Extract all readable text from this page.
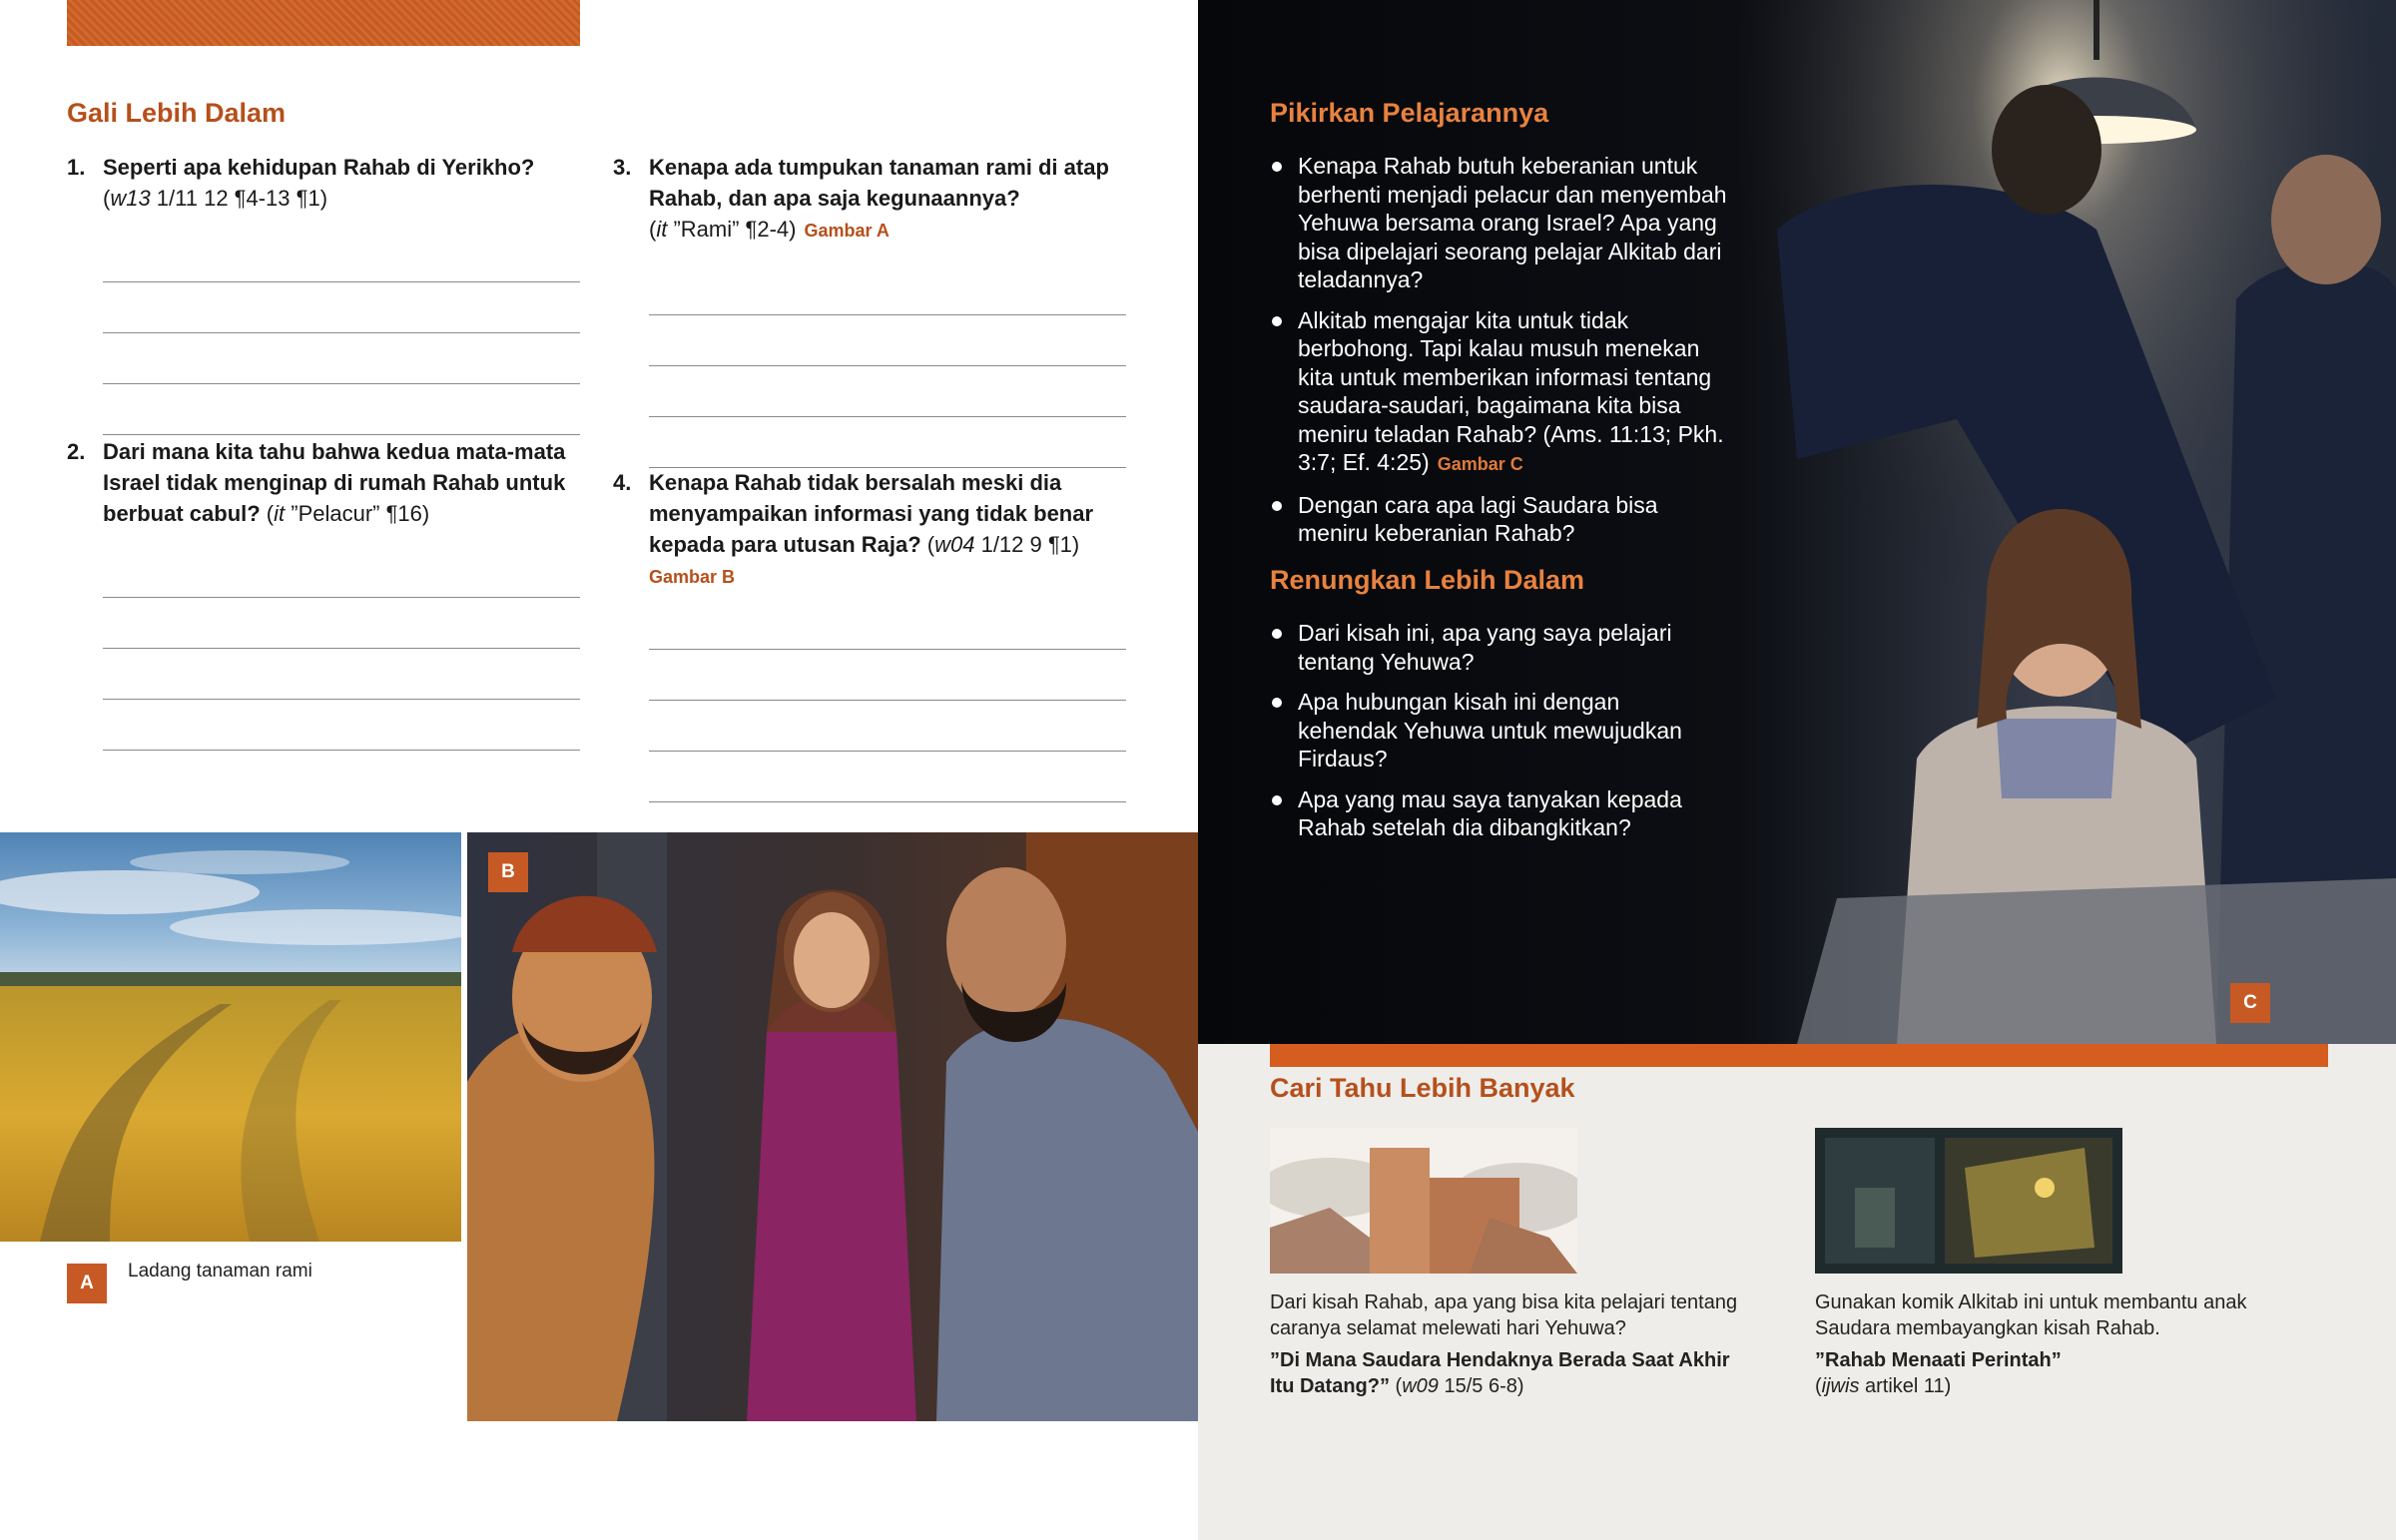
Gali Lebih Dalam
1. Seperti apa kehidupan Rahab di Yerikho?
(w13 1/11 12 ¶4-13 ¶1)
2. Dari mana kita tahu bahwa kedua mata-mata Israel tidak menginap di rumah Rahab untuk berbuat cabul? (it ”Pelacur” ¶16)
3. Kenapa ada tumpukan tanaman rami di atap Rahab, dan apa saja kegunaannya?
(it ”Rami” ¶2-4) Gambar A
4. Kenapa Rahab tidak bersalah meski dia menyampaikan informasi yang tidak benar kepada para utusan Raja? (w04 1/12 9 ¶1)
Gambar B
A
Ladang tanaman rami
B
Pikirkan Pelajarannya
Kenapa Rahab butuh keberanian untuk berhenti menjadi pelacur dan menyembah Yehuwa bersama orang Israel? Apa yang bisa dipelajari seorang pelajar Alkitab dari teladannya?
Alkitab mengajar kita untuk tidak berbohong. Tapi kalau musuh menekan kita untuk memberikan informasi tentang saudara-saudari, bagaimana kita bisa meniru teladan Rahab? (Ams. 11:13; Pkh. 3:7; Ef. 4:25) Gambar C
Dengan cara apa lagi Saudara bisa meniru keberanian Rahab?
Renungkan Lebih Dalam
Dari kisah ini, apa yang saya pelajari tentang Yehuwa?
Apa hubungan kisah ini dengan kehendak Yehuwa untuk mewujudkan Firdaus?
Apa yang mau saya tanyakan kepada Rahab setelah dia dibangkitkan?
C
Cari Tahu Lebih Banyak
Dari kisah Rahab, apa yang bisa kita pelajari tentang caranya selamat melewati hari Yehuwa?
”Di Mana Saudara Hendaknya Berada Saat Akhir Itu Datang?” (w09 15/5 6-8)
Gunakan komik Alkitab ini untuk membantu anak Saudara membayangkan kisah Rahab.
”Rahab Menaati Perintah”
(ijwis artikel 11)
